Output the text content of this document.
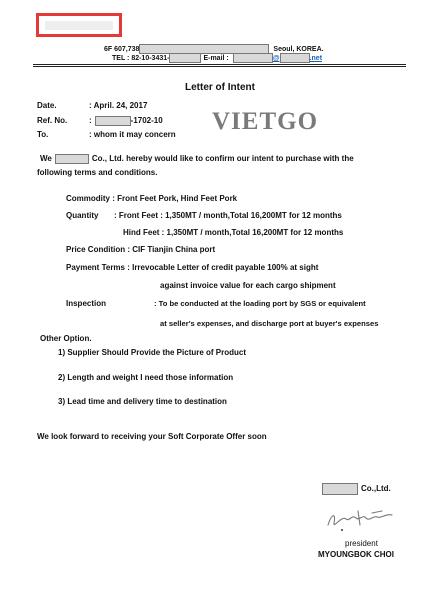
6F 607,738	Seoul, KOREA.
TEL : 82-10-3431-	E-mail :	@	.net
Letter of Intent
Date.	: April. 24, 2017
Ref. No.	:	-1702-10
To.	: whom it may concern VIETGO
We	Co., Ltd. hereby would like to confirm our intent to purchase with the
following terms and conditions.
Commodity : Front Feet Pork, Hind Feet Pork
Quantity : Front Feet : 1,350MT / month,Total 16,200MT for 12 months
Hind Feet : 1,350MT / month,Total 16,200MT for 12 months
Price Condition : CIF Tianjin China port
Payment Terms : Irrevocable Letter of credit payable 100% at sight
against invoice value for each cargo shipment
Inspection	: To be conducted at the loading port by SGS or equivalent
at seller's expenses, and discharge port at buyer's expenses
Other Option.
1) Supplier Should Provide the Picture of Product
2) Length and weight I need those information
3) Lead time and delivery time to destination
We look forward to receiving your Soft Corporate Offer soon
Co.,Ltd.
president
MYOUNGBOK CHOI
